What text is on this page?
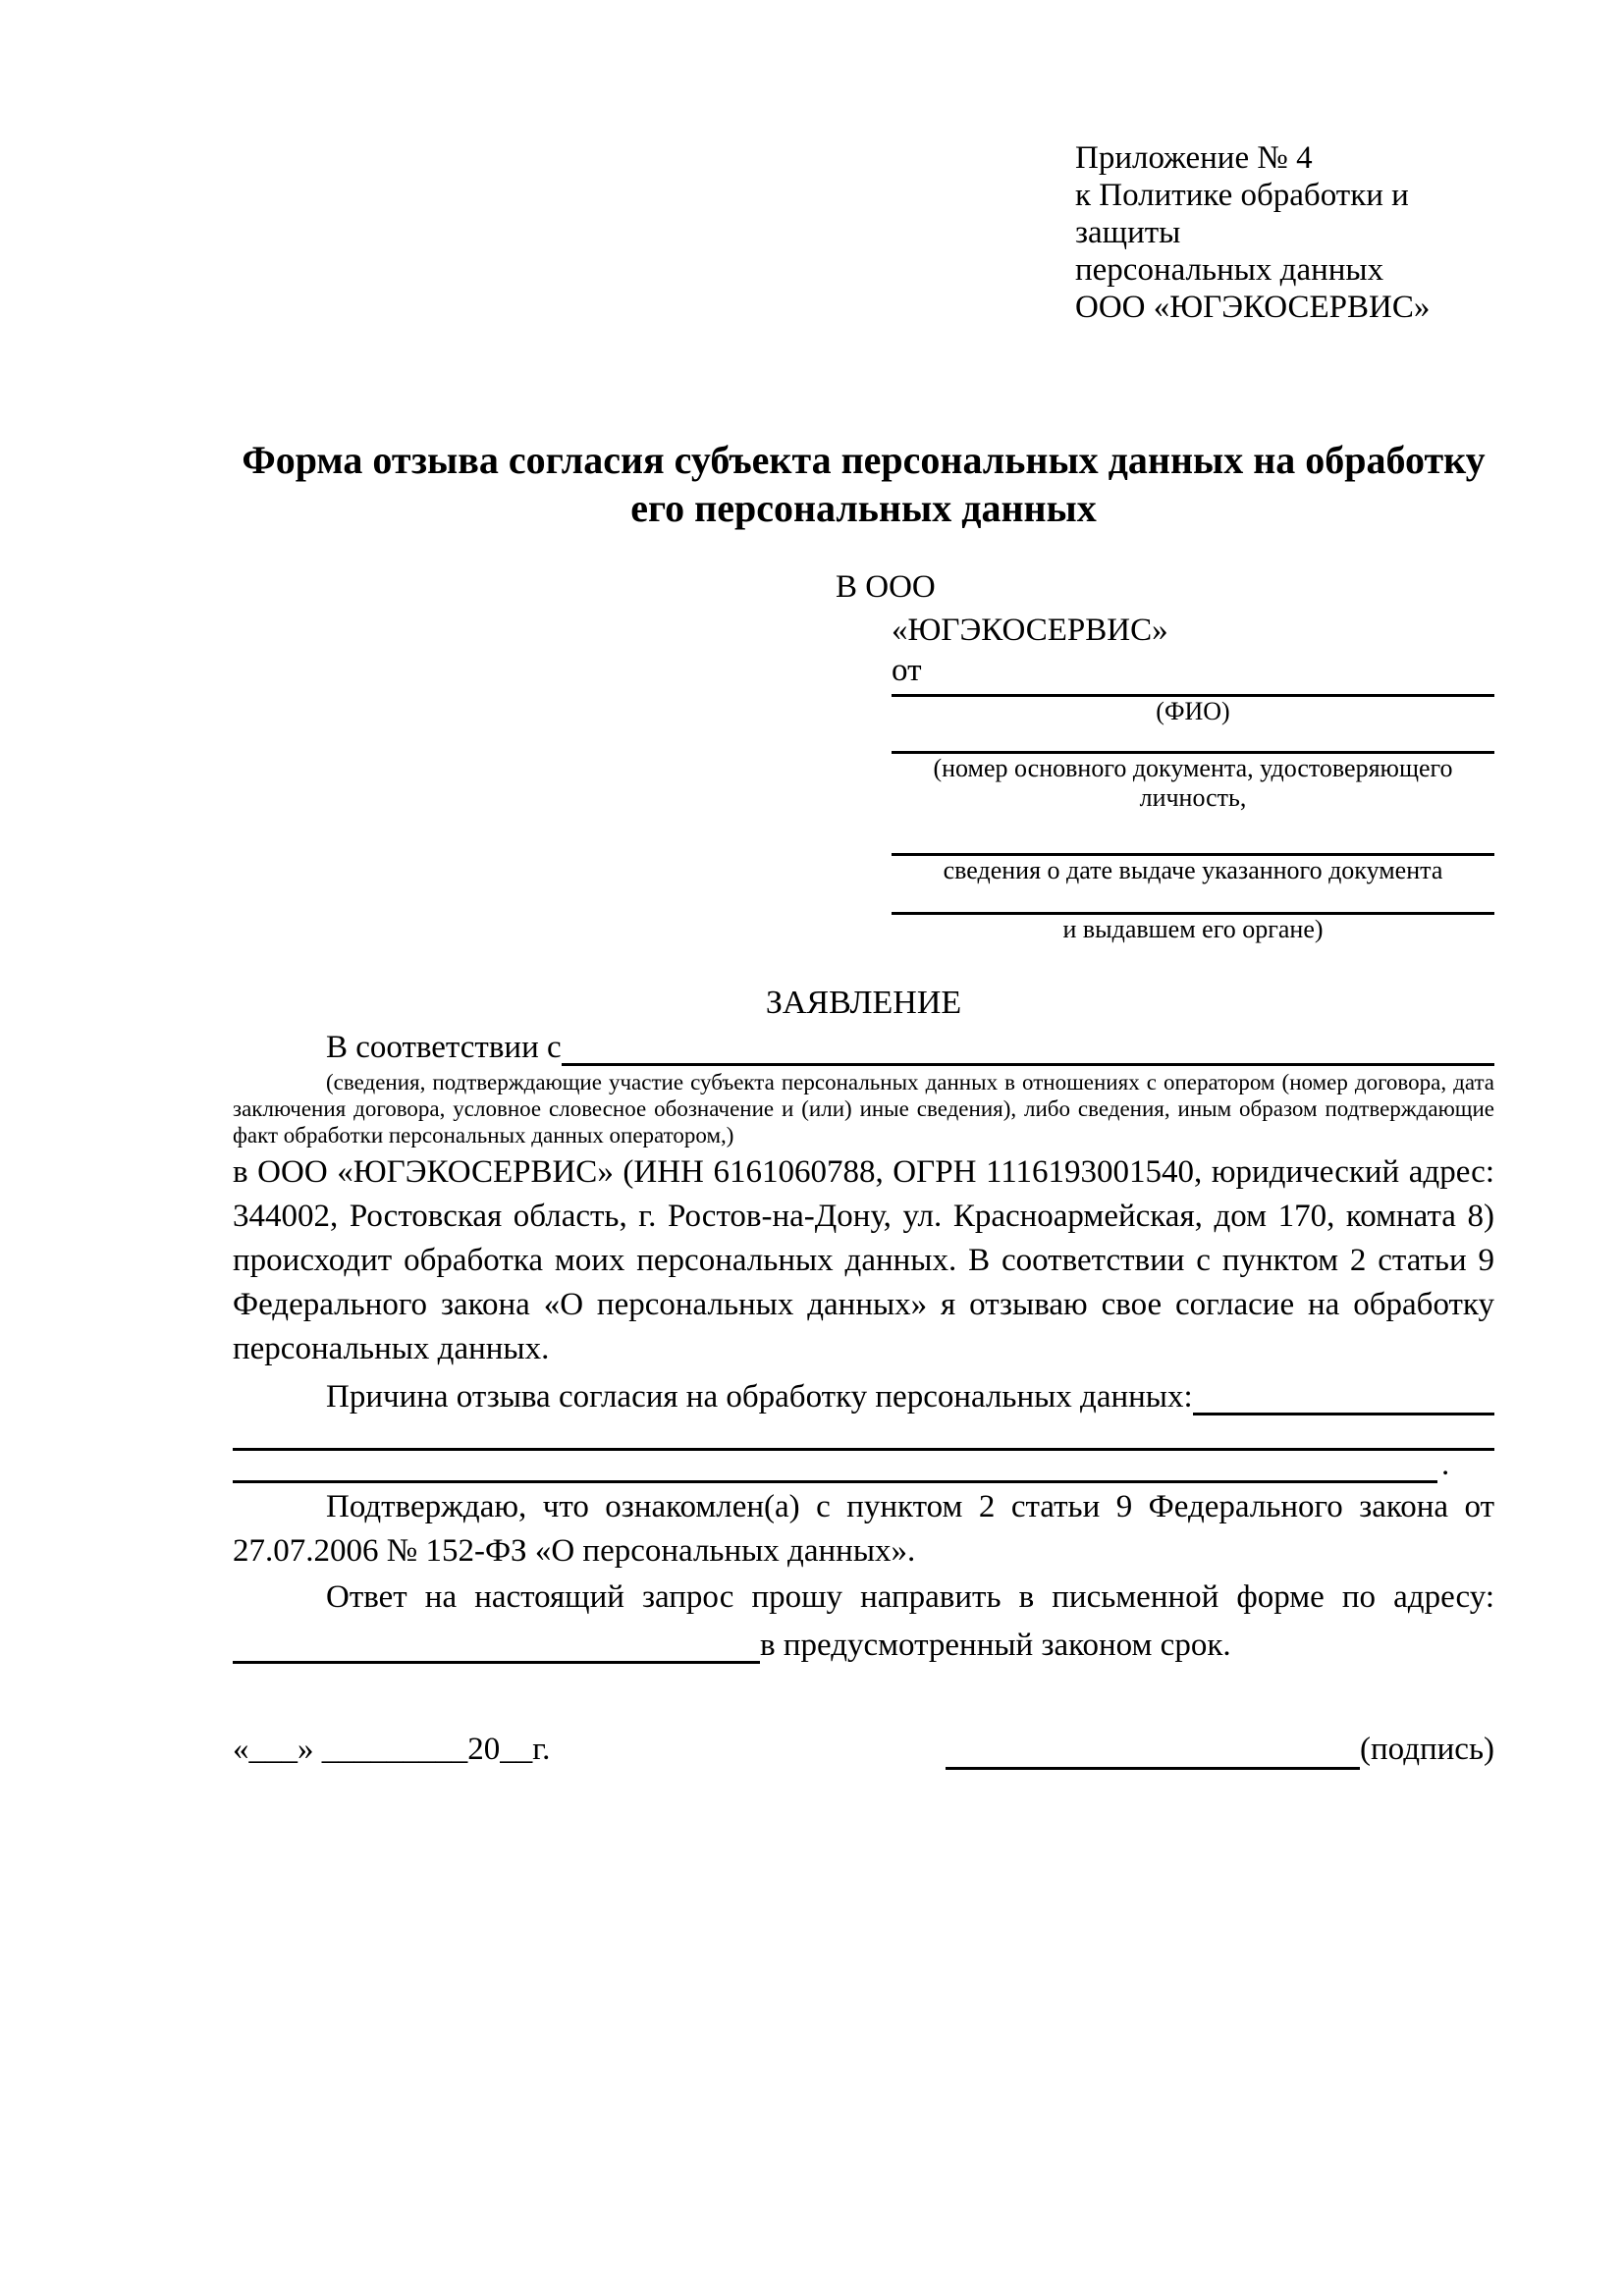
Приложение № 4
к Политике обработки и защиты
персональных данных
ООО «ЮГЭКОСЕРВИС»
Форма отзыва согласия субъекта персональных данных на обработку его персональных данных
В ООО
«ЮГЭКОСЕРВИС»
от
(ФИО)
(номер основного документа, удостоверяющего личность,
сведения о дате выдаче указанного документа
и выдавшем его органе)
ЗАЯВЛЕНИЕ
В соответствии с
(сведения, подтверждающие участие субъекта персональных данных в отношениях с оператором (номер договора, дата заключения договора, условное словесное обозначение и (или) иные сведения), либо сведения, иным образом подтверждающие факт обработки персональных данных оператором,)
в ООО «ЮГЭКОСЕРВИС» (ИНН 6161060788, ОГРН 1116193001540, юридический адрес: 344002, Ростовская область, г. Ростов-на-Дону, ул. Красноармейская, дом 170, комната 8) происходит обработка моих персональных данных. В соответствии с пунктом 2 статьи 9 Федерального закона «О персональных данных» я отзываю свое согласие на обработку персональных данных.
Причина отзыва согласия на обработку персональных данных:
.
Подтверждаю, что ознакомлен(а) с пунктом 2 статьи 9 Федерального закона от 27.07.2006 № 152-ФЗ «О персональных данных».
Ответ на настоящий запрос прошу направить в письменной форме по адресу:
в предусмотренный законом срок.
«___» _________20__г.	(подпись)
